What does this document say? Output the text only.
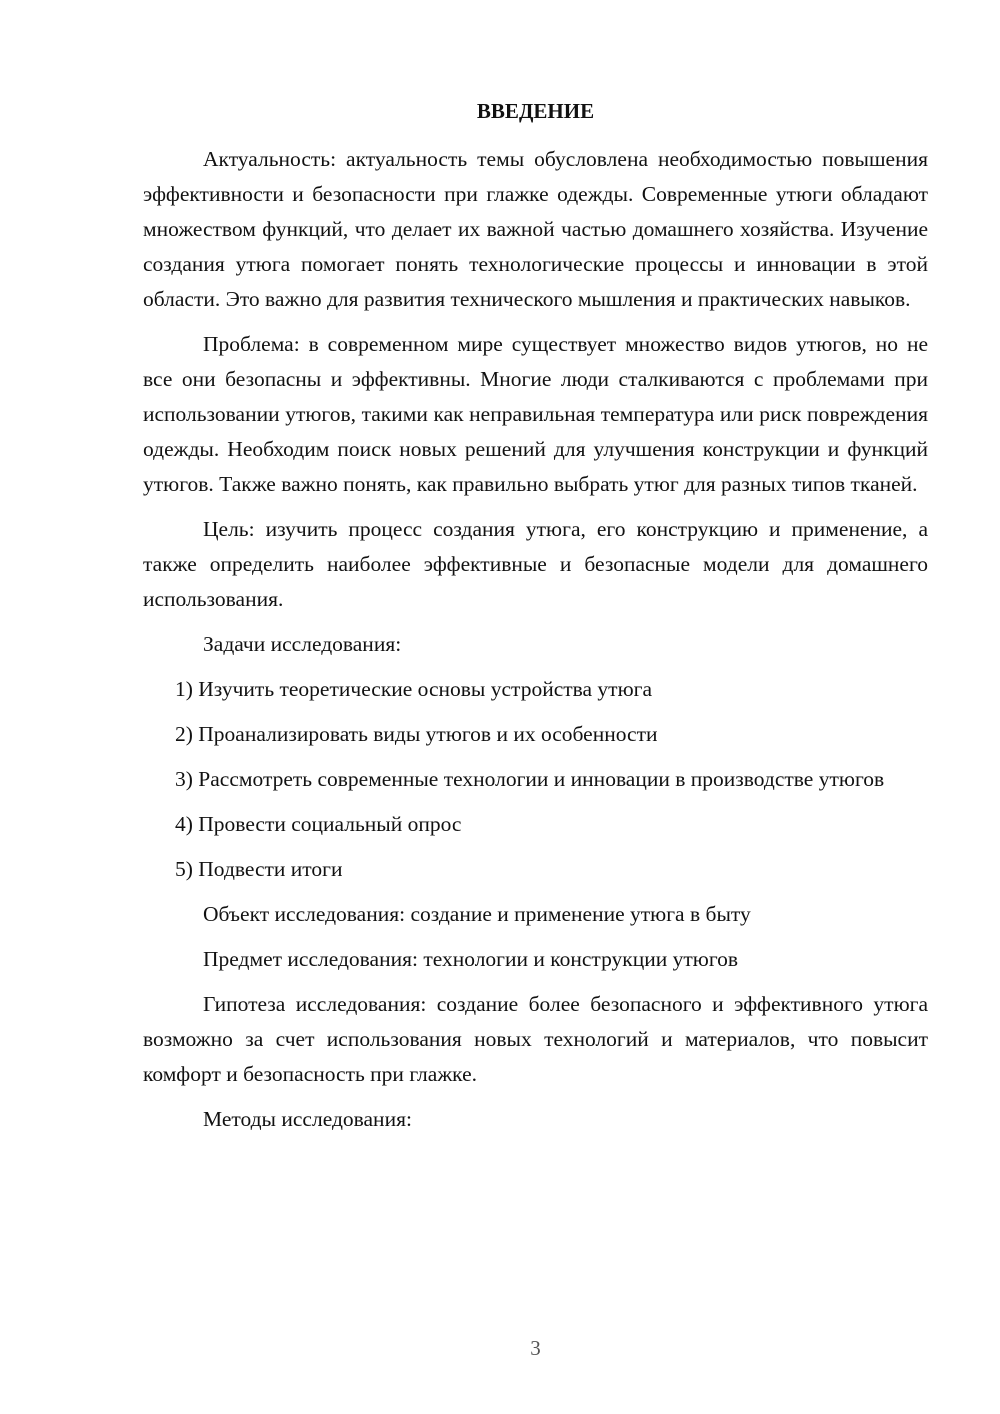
ВВЕДЕНИЕ

Актуальность: актуальность темы обусловлена необходимостью повышения эффективности и безопасности при глажке одежды. Современные утюги обладают множеством функций, что делает их важной частью домашнего хозяйства. Изучение создания утюга помогает понять технологические процессы и инновации в этой области. Это важно для развития технического мышления и практических навыков.

Проблема: в современном мире существует множество видов утюгов, но не все они безопасны и эффективны. Многие люди сталкиваются с проблемами при использовании утюгов, такими как неправильная температура или риск повреждения одежды. Необходим поиск новых решений для улучшения конструкции и функций утюгов. Также важно понять, как правильно выбрать утюг для разных типов тканей.

Цель: изучить процесс создания утюга, его конструкцию и применение, а также определить наиболее эффективные и безопасные модели для домашнего использования.

Задачи исследования:

1) Изучить теоретические основы устройства утюга

2) Проанализировать виды утюгов и их особенности

3) Рассмотреть современные технологии и инновации в производстве утюгов

4) Провести социальный опрос

5) Подвести итоги

Объект исследования: создание и применение утюга в быту

Предмет исследования: технологии и конструкции утюгов

Гипотеза исследования: создание более безопасного и эффективного утюга возможно за счет использования новых технологий и материалов, что повысит комфорт и безопасность при глажке.

Методы исследования:

3
